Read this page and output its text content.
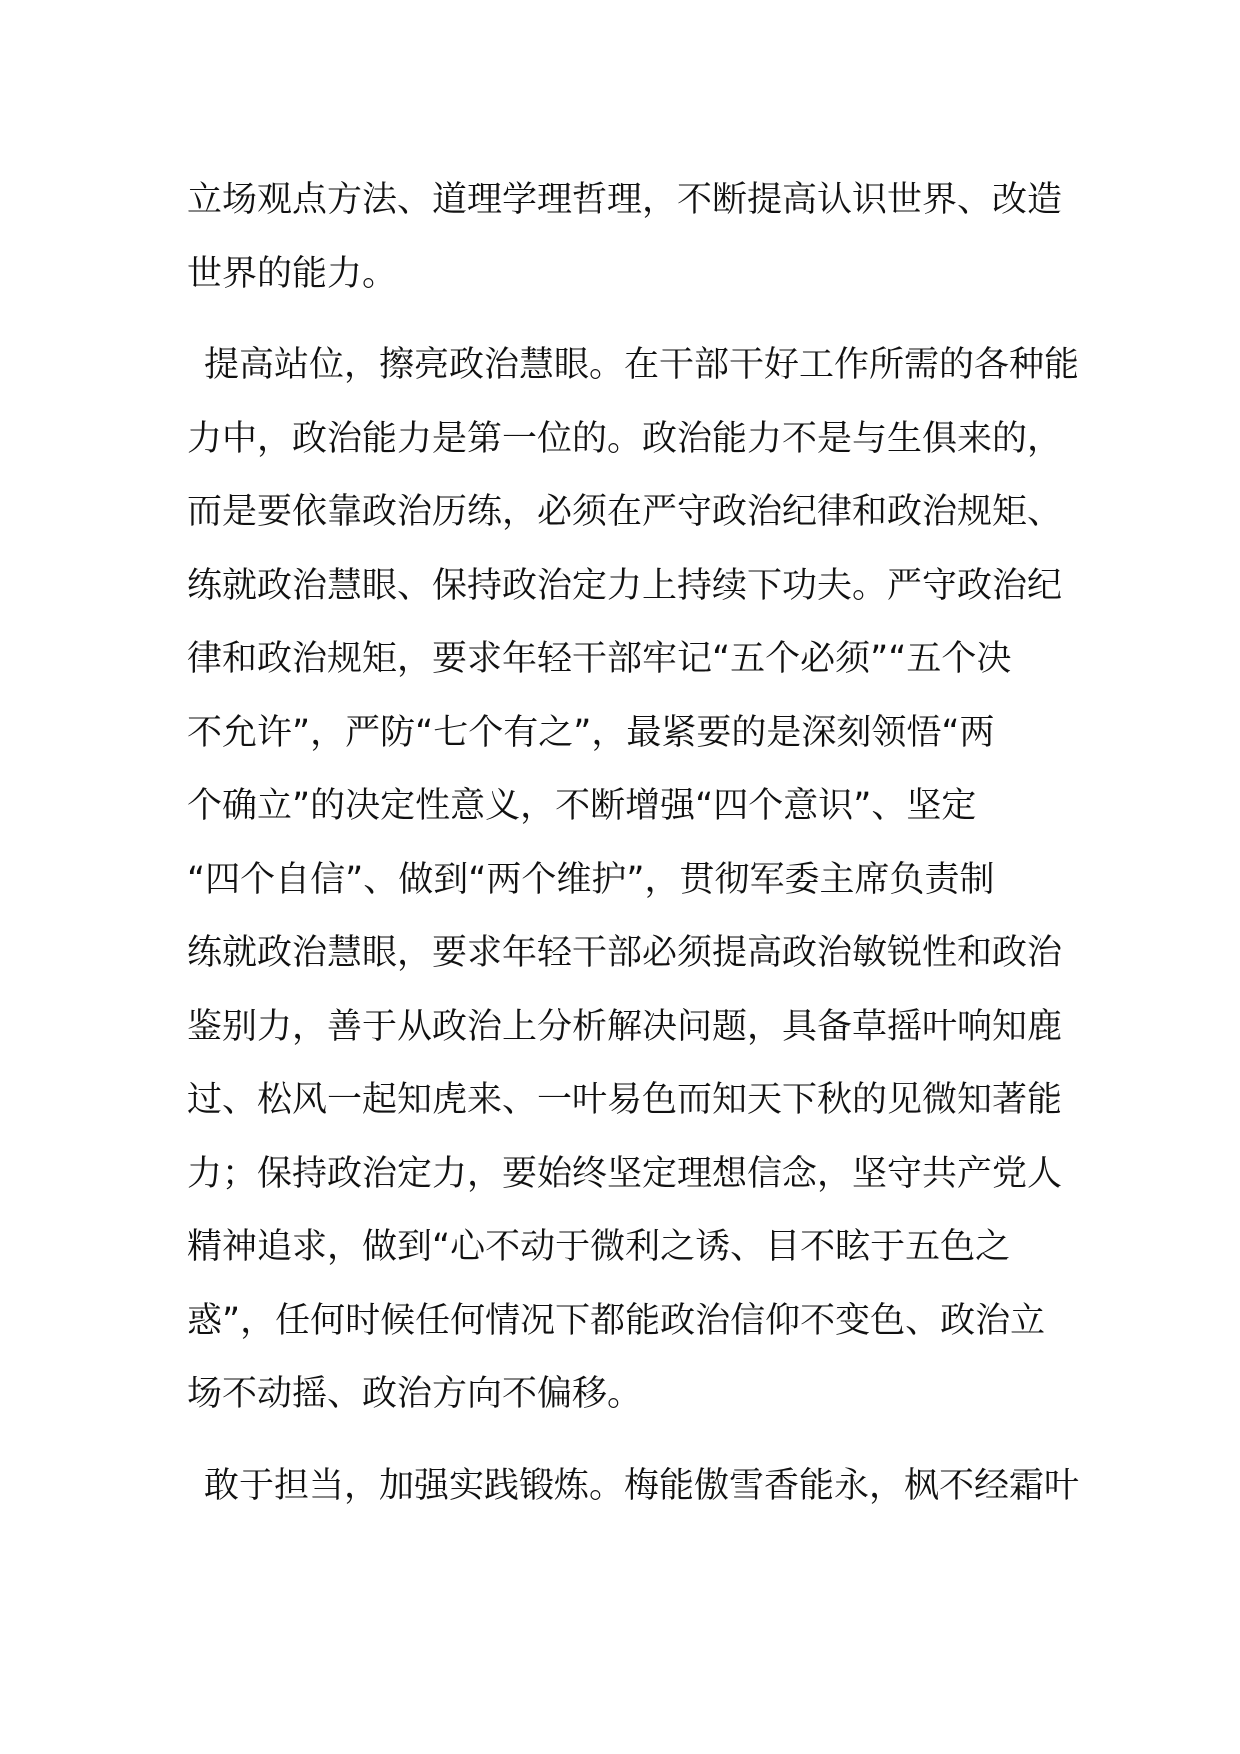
立场观点方法、道理学理哲理，不断提高认识世界、改造
世界的能力。
提高站位，擦亮政治慧眼。在干部干好工作所需的各种能
力中，政治能力是第一位的。政治能力不是与生俱来的，
而是要依靠政治历练，必须在严守政治纪律和政治规矩、
练就政治慧眼、保持政治定力上持续下功夫。严守政治纪
律和政治规矩，要求年轻干部牢记“五个必须”“五个决
不允许”，严防“七个有之”，最紧要的是深刻领悟“两
个确立”的决定性意义，不断增强“四个意识”、坚定
“四个自信”、做到“两个维护”，贯彻军委主席负责制
练就政治慧眼，要求年轻干部必须提高政治敏锐性和政治
鉴别力，善于从政治上分析解决问题，具备草摇叶响知鹿
过、松风一起知虎来、一叶易色而知天下秋的见微知著能
力；保持政治定力，要始终坚定理想信念，坚守共产党人
精神追求，做到“心不动于微利之诱、目不眩于五色之
惑”，任何时候任何情况下都能政治信仰不变色、政治立
场不动摇、政治方向不偏移。
敢于担当，加强实践锻炼。梅能傲雪香能永，枫不经霜叶
